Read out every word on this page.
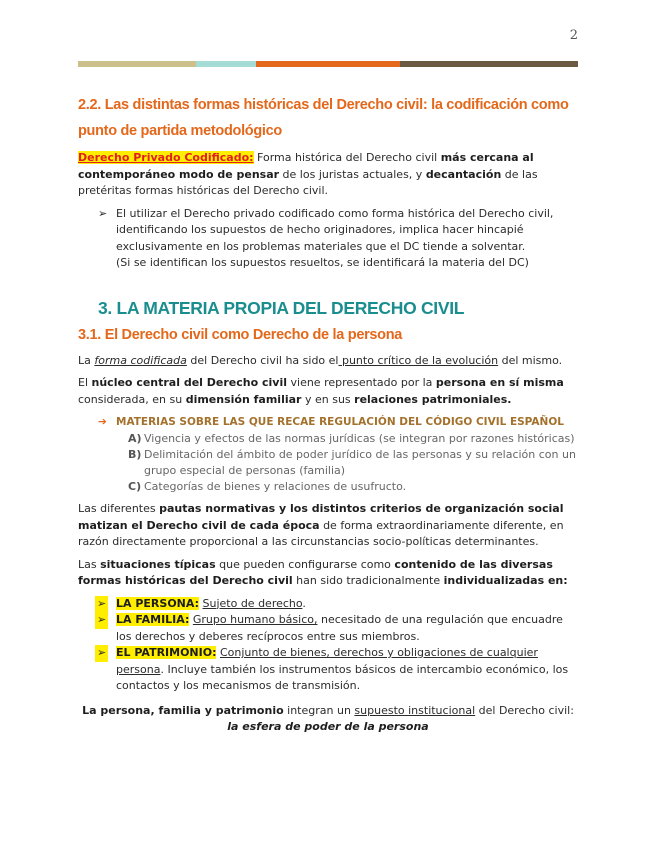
2
2.2. Las distintas formas históricas del Derecho civil: la codificación como punto de partida metodológico

Derecho Privado Codificado: Forma histórica del Derecho civil más cercana al contemporáneo modo de pensar de los juristas actuales, y decantación de las pretéritas formas históricas del Derecho civil.

➢ El utilizar el Derecho privado codificado como forma histórica del Derecho civil, identificando los supuestos de hecho originadores, implica hacer hincapié exclusivamente en los problemas materiales que el DC tiende a solventar.
(Si se identifican los supuestos resueltos, se identificará la materia del DC)
3. LA MATERIA PROPIA DEL DERECHO CIVIL
3.1. El Derecho civil como Derecho de la persona

La forma codificada del Derecho civil ha sido el punto crítico de la evolución del mismo.

El núcleo central del Derecho civil viene representado por la persona en sí misma considerada, en su dimensión familiar y en sus relaciones patrimoniales.

➔ MATERIAS SOBRE LAS QUE RECAE REGULACIÓN DEL CÓDIGO CIVIL ESPAÑOL
A) Vigencia y efectos de las normas jurídicas (se integran por razones históricas)
B) Delimitación del ámbito de poder jurídico de las personas y su relación con un grupo especial de personas (familia)
C) Categorías de bienes y relaciones de usufructo.

Las diferentes pautas normativas y los distintos criterios de organización social matizan el Derecho civil de cada época de forma extraordinariamente diferente, en razón directamente proporcional a las circunstancias socio-políticas determinantes.

Las situaciones típicas que pueden configurarse como contenido de las diversas formas históricas del Derecho civil han sido tradicionalmente individualizadas en:

➢ LA PERSONA: Sujeto de derecho.
➢ LA FAMILIA: Grupo humano básico, necesitado de una regulación que encuadre los derechos y deberes recíprocos entre sus miembros.
➢ EL PATRIMONIO: Conjunto de bienes, derechos y obligaciones de cualquier persona. Incluye también los instrumentos básicos de intercambio económico, los contactos y los mecanismos de transmisión.

La persona, familia y patrimonio integran un supuesto institucional del Derecho civil:
la esfera de poder de la persona
